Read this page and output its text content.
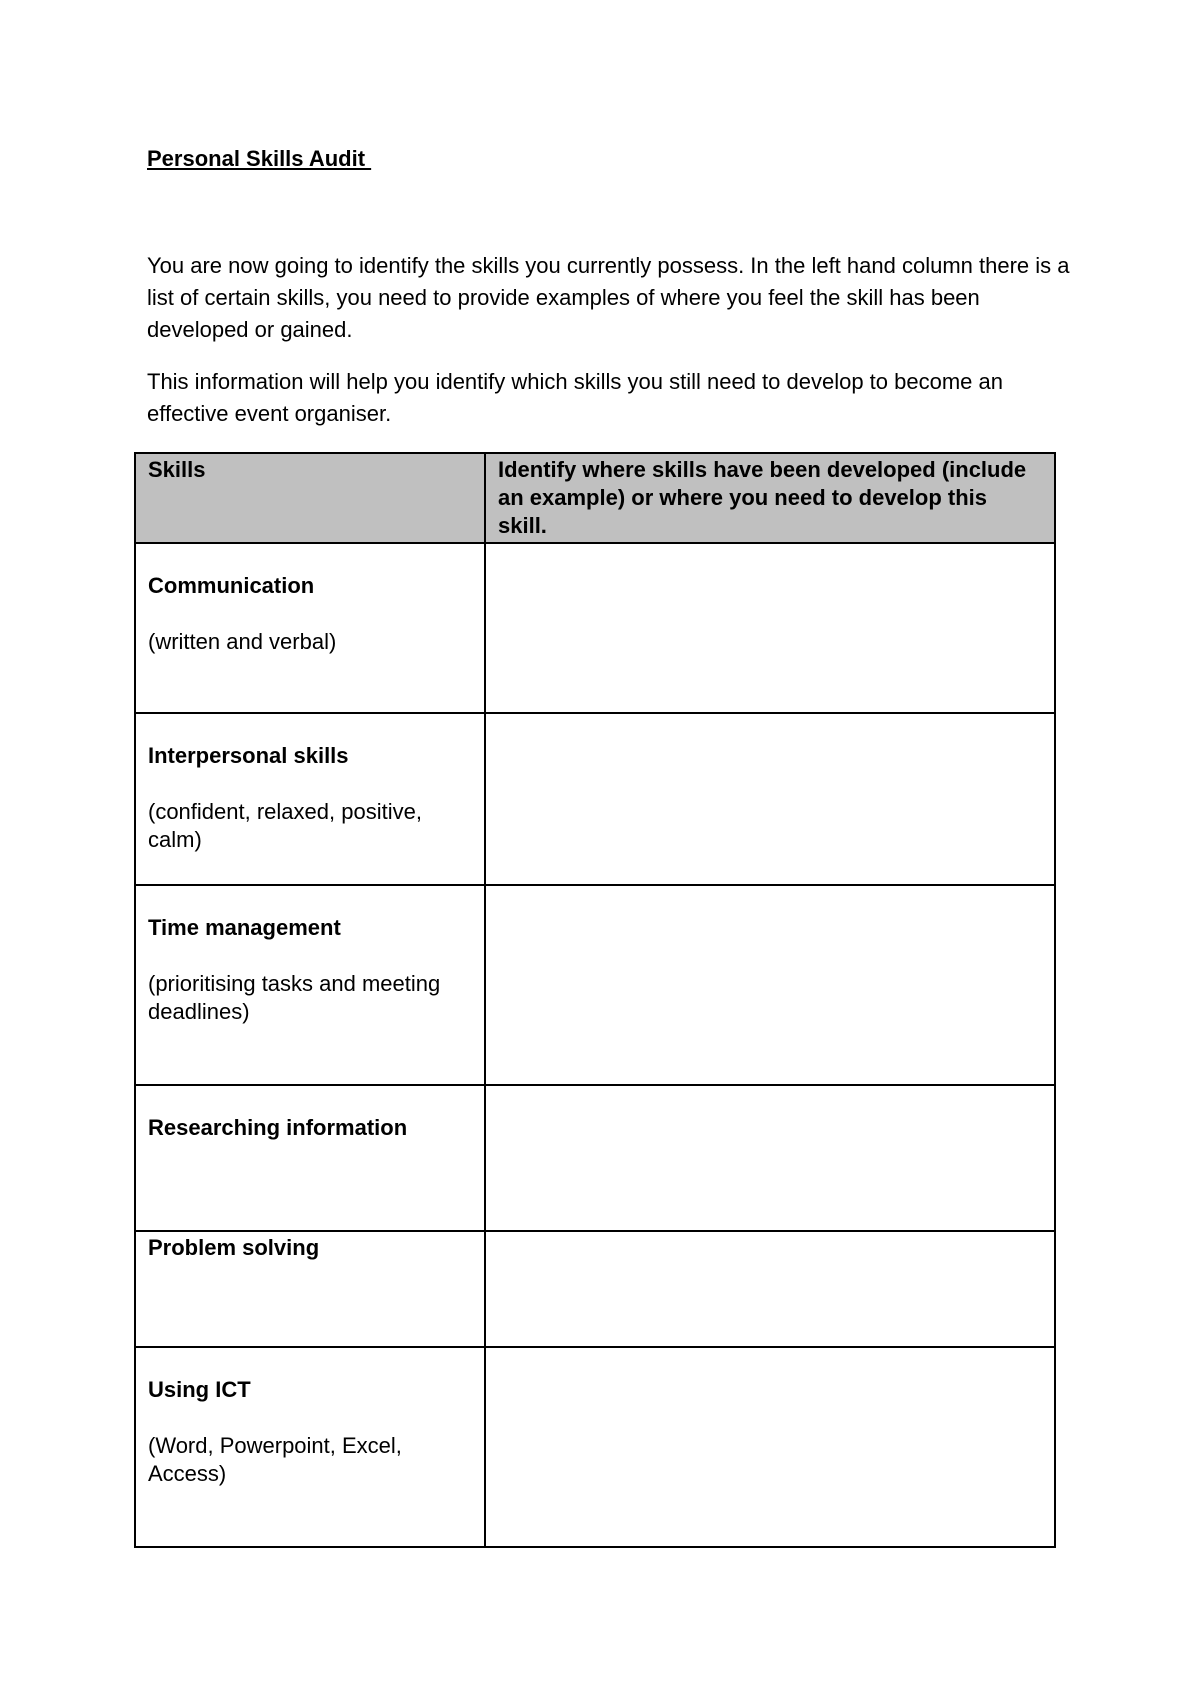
Personal Skills Audit

You are now going to identify the skills you currently possess. In the left hand column there is a list of certain skills, you need to provide examples of where you feel the skill has been developed or gained.

This information will help you identify which skills you still need to develop to become an effective event organiser.

Skills	Identify where skills have been developed (include an example) or where you need to develop this skill.

Communication
(written and verbal)	

Interpersonal skills
(confident, relaxed, positive, calm)	

Time management
(prioritising tasks and meeting deadlines)	

Researching information	

Problem solving	

Using ICT
(Word, Powerpoint, Excel, Access)	
